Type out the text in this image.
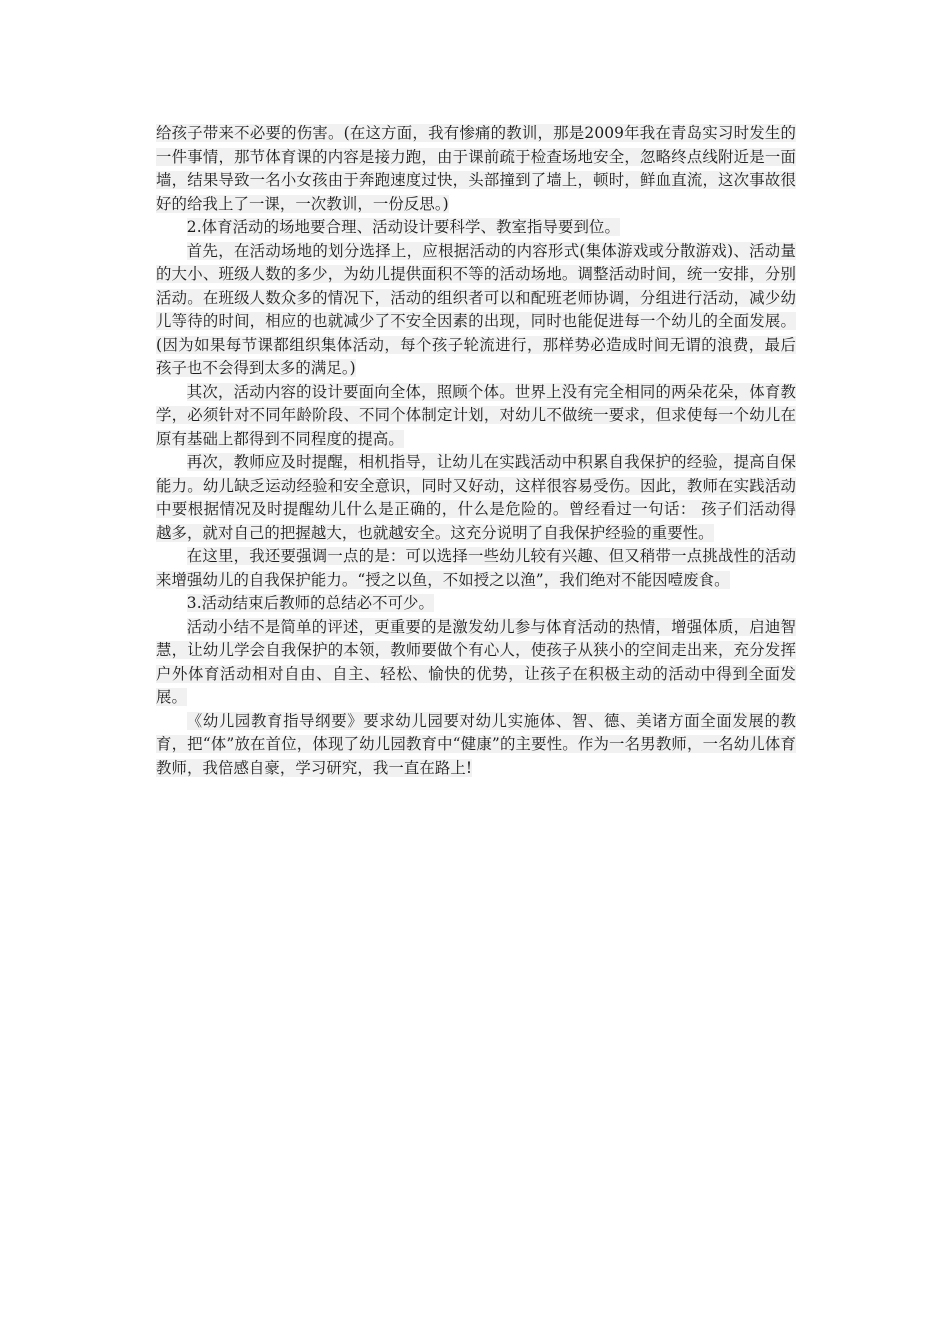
给孩子带来不必要的伤害。(在这方面，我有惨痛的教训，那是2009年我在青岛实习时发生的一件事情，那节体育课的内容是接力跑，由于课前疏于检查场地安全，忽略终点线附近是一面墙，结果导致一名小女孩由于奔跑速度过快，头部撞到了墙上，顿时，鲜血直流，这次事故很好的给我上了一课，一次教训，一份反思。)

2.体育活动的场地要合理、活动设计要科学、教室指导要到位。

首先，在活动场地的划分选择上，应根据活动的内容形式(集体游戏或分散游戏)、活动量的大小、班级人数的多少，为幼儿提供面积不等的活动场地。调整活动时间，统一安排，分别活动。在班级人数众多的情况下，活动的组织者可以和配班老师协调，分组进行活动，减少幼儿等待的时间，相应的也就减少了不安全因素的出现，同时也能促进每一个幼儿的全面发展。(因为如果每节课都组织集体活动，每个孩子轮流进行，那样势必造成时间无谓的浪费，最后孩子也不会得到太多的满足。)

其次，活动内容的设计要面向全体，照顾个体。世界上没有完全相同的两朵花朵，体育教学，必须针对不同年龄阶段、不同个体制定计划，对幼儿不做统一要求，但求使每一个幼儿在原有基础上都得到不同程度的提高。

再次，教师应及时提醒，相机指导，让幼儿在实践活动中积累自我保护的经验，提高自保能力。幼儿缺乏运动经验和安全意识，同时又好动，这样很容易受伤。因此，教师在实践活动中要根据情况及时提醒幼儿什么是正确的，什么是危险的。曾经看过一句话： 孩子们活动得越多，就对自己的把握越大，也就越安全。这充分说明了自我保护经验的重要性。

在这里，我还要强调一点的是：可以选择一些幼儿较有兴趣、但又稍带一点挑战性的活动来增强幼儿的自我保护能力。“授之以鱼，不如授之以渔”，我们绝对不能因噎废食。

3.活动结束后教师的总结必不可少。

活动小结不是简单的评述，更重要的是激发幼儿参与体育活动的热情，增强体质，启迪智慧，让幼儿学会自我保护的本领，教师要做个有心人，使孩子从狭小的空间走出来，充分发挥户外体育活动相对自由、自主、轻松、愉快的优势，让孩子在积极主动的活动中得到全面发展。

《幼儿园教育指导纲要》要求幼儿园要对幼儿实施体、智、德、美诸方面全面发展的教育，把“体”放在首位，体现了幼儿园教育中“健康”的主要性。作为一名男教师，一名幼儿体育教师，我倍感自豪，学习研究，我一直在路上!
